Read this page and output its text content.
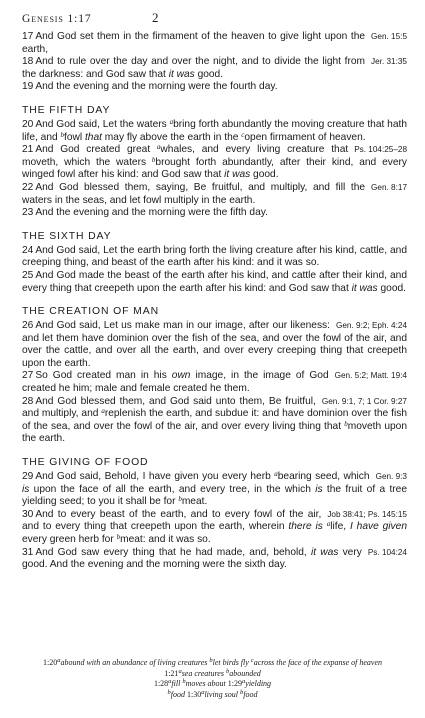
Genesis 1:17	2
Gen. 15:5
17 And God set them in the firmament of the heaven to give light upon the earth,
Jer. 31:35
18 And to rule over the day and over the night, and to divide the light from the darkness: and God saw that it was good.
19 And the evening and the morning were the fourth day.
THE FIFTH DAY
20 And God said, Let the waters $^a$bring forth abundantly the moving creature that hath life, and $^b$fowl that may fly above the earth in the $^c$open firmament of heaven.
Ps. 104:25–28
21 And God created great $^a$whales, and every living creature that moveth, which the waters $^b$brought forth abundantly, after their kind, and every winged fowl after his kind: and God saw that it was good.
Gen. 8:17
22 And God blessed them, saying, Be fruitful, and multiply, and fill the waters in the seas, and let fowl multiply in the earth.
23 And the evening and the morning were the fifth day.
THE SIXTH DAY
24 And God said, Let the earth bring forth the living creature after his kind, cattle, and creeping thing, and beast of the earth after his kind: and it was so.
25 And God made the beast of the earth after his kind, and cattle after their kind, and every thing that creepeth upon the earth after his kind: and God saw that it was good.
THE CREATION OF MAN
Gen. 9:2; Eph. 4:24
26 And God said, Let us make man in our image, after our likeness: and let them have dominion over the fish of the sea, and over the fowl of the air, and over the cattle, and over all the earth, and over every creeping thing that creepeth upon the earth.
Gen. 5:2; Matt. 19:4
27 So God created man in his own image, in the image of God created he him; male and female created he them.
Gen. 9:1, 7; 1 Cor. 9:27
28 And God blessed them, and God said unto them, Be fruitful, and multiply, and $^a$replenish the earth, and subdue it: and have dominion over the fish of the sea, and over the fowl of the air, and over every living thing that $^b$moveth upon the earth.
THE GIVING OF FOOD
Gen. 9:3
29 And God said, Behold, I have given you every herb $^a$bearing seed, which is upon the face of all the earth, and every tree, in the which is the fruit of a tree yielding seed; to you it shall be for $^b$meat.
Job 38:41; Ps. 145:15
30 And to every beast of the earth, and to every fowl of the air, and to every thing that creepeth upon the earth, wherein there is $^a$life, I have given every green herb for $^b$meat: and it was so.
Ps. 104:24
31 And God saw every thing that he had made, and, behold, it was very good. And the evening and the morning were the sixth day.
1:20$^a$abound with an abundance of living creatures $^b$let birds fly $^c$across the face of the expanse of heaven 1:21$^a$sea creatures $^b$abounded
1:28$^a$fill $^b$moves about 1:29$^a$yielding
$^b$food 1:30$^a$living soul $^b$food
